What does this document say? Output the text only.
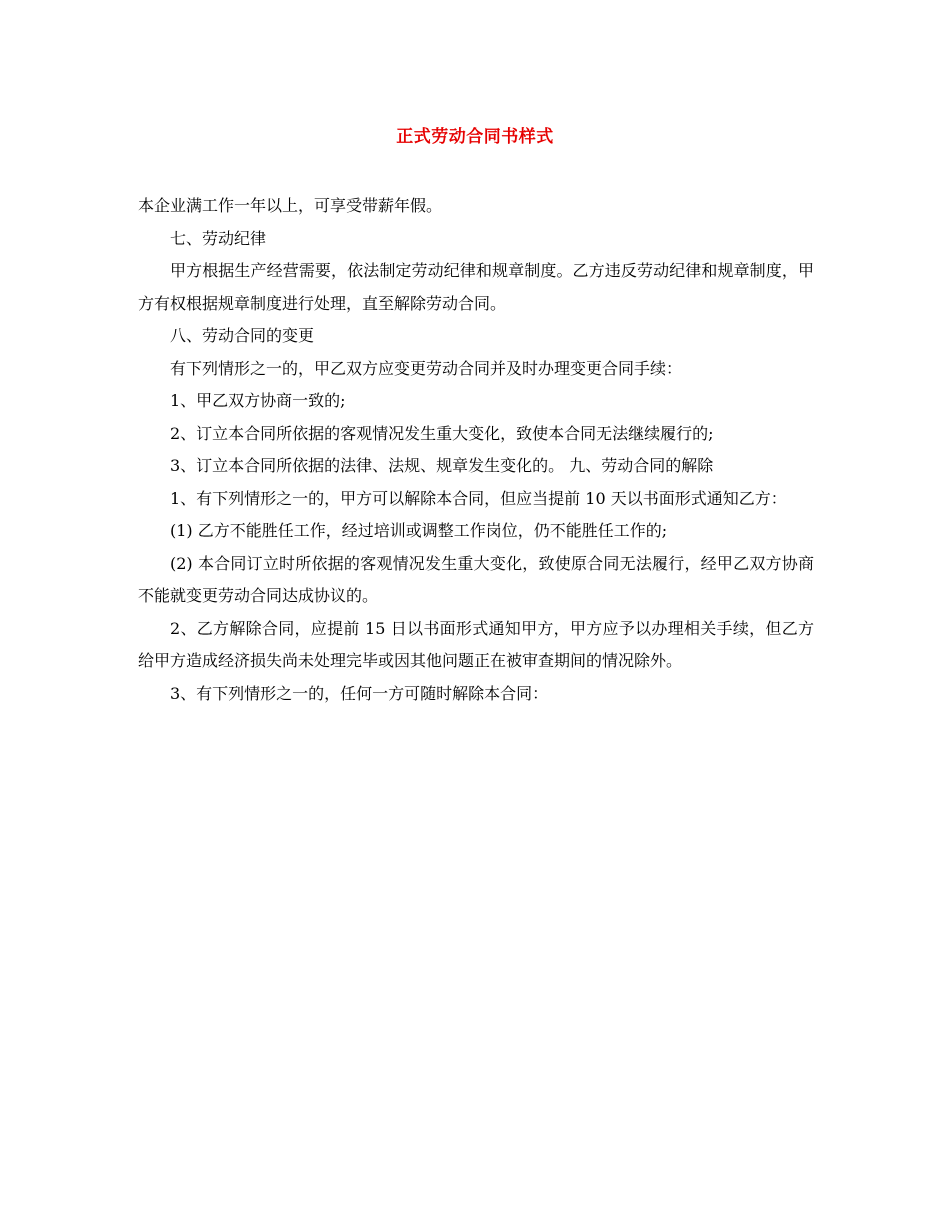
正式劳动合同书样式

本企业满工作一年以上，可享受带薪年假。

七、劳动纪律

甲方根据生产经营需要，依法制定劳动纪律和规章制度。乙方违反劳动纪律和规章制度，甲方有权根据规章制度进行处理，直至解除劳动合同。

八、劳动合同的变更

有下列情形之一的，甲乙双方应变更劳动合同并及时办理变更合同手续：

1、甲乙双方协商一致的;

2、订立本合同所依据的客观情况发生重大变化，致使本合同无法继续履行的;

3、订立本合同所依据的法律、法规、规章发生变化的。 九、劳动合同的解除

1、有下列情形之一的，甲方可以解除本合同，但应当提前 10 天以书面形式通知乙方：

(1) 乙方不能胜任工作，经过培训或调整工作岗位，仍不能胜任工作的;

(2) 本合同订立时所依据的客观情况发生重大变化，致使原合同无法履行，经甲乙双方协商不能就变更劳动合同达成协议的。

2、乙方解除合同，应提前 15 日以书面形式通知甲方，甲方应予以办理相关手续，但乙方给甲方造成经济损失尚未处理完毕或因其他问题正在被审查期间的情况除外。

3、有下列情形之一的，任何一方可随时解除本合同：
